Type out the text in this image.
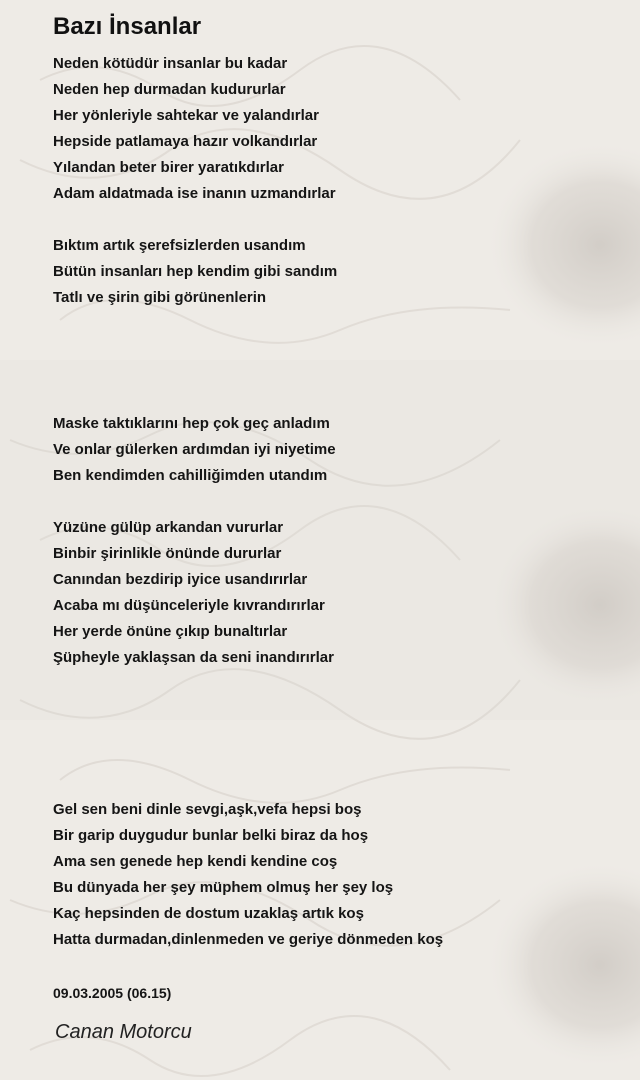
Bazı İnsanlar
Neden kötüdür insanlar bu kadar
Neden hep durmadan kudururlar
Her yönleriyle sahtekar ve yalandırlar
Hepside patlamaya hazır volkandırlar
Yılandan beter birer yaratıkdırlar
Adam aldatmada ise inanın uzmandırlar
Bıktım artık şerefsizlerden usandım
Bütün insanları hep kendim gibi sandım
Tatlı ve şirin gibi görünenlerin
Maske taktıklarını hep çok geç anladım
Ve onlar gülerken ardımdan iyi niyetime
Ben kendimden cahilliğimden utandım
Yüzüne gülüp arkandan vururlar
Binbir şirinlikle önünde dururlar
Canından bezdirip iyice usandırırlar
Acaba mı düşünceleriyle kıvrandırırlar
Her yerde önüne çıkıp bunaltırlar
Şüpheyle yaklaşsan da seni inandırırlar
Gel sen beni dinle sevgi,aşk,vefa hepsi boş
Bir garip duygudur bunlar belki biraz da hoş
Ama sen genede hep kendi kendine coş
Bu dünyada her şey müphem olmuş her şey loş
Kaç hepsinden de dostum uzaklaş artık koş
Hatta durmadan,dinlenmeden ve geriye dönmeden koş
09.03.2005 (06.15)
Canan Motorcu
